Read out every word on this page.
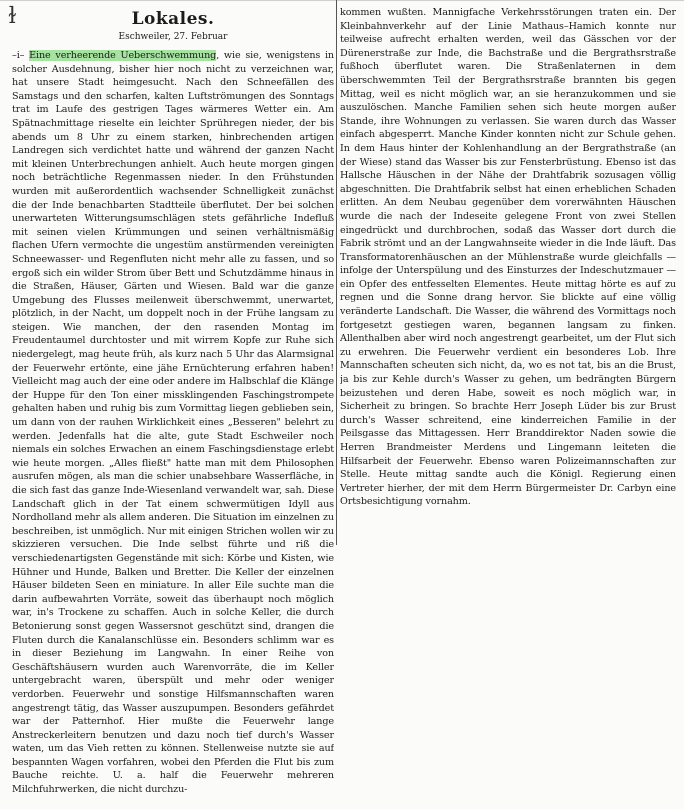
ɫ	Lokales.
Eschweiler, 27. Februar

–i– Eine verheerende Ueberschwemmung, wie sie, wenigstens in solcher Ausdehnung, bisher hier noch nicht zu verzeichnen war, hat unsere Stadt heimgesucht. Nach den Schneefällen des Samstags und den scharfen, kalten Luftströmungen des Sonntags trat im Laufe des gestrigen Tages wärmeres Wetter ein. Am Spätnachmittage rieselte ein leichter Sprühregen nieder, der bis abends um 8 Uhr zu einem starken, hinbrechenden artigen Landregen sich verdichtet hatte und während der ganzen Nacht mit kleinen Unterbrechungen anhielt. Auch heute morgen gingen noch beträchtliche Regenmassen nieder. In den Frühstunden wurden mit außerordentlich wachsender Schnelligkeit zunächst die der Inde benachbarten Stadtteile überflutet. Der bei solchen unerwarteten Witterungsumschlägen stets gefährliche Indefluß mit seinen vielen Krümmungen und seinen verhältnismäßig flachen Ufern vermochte die ungestüm anstürmenden vereinigten Schneewasser- und Regenfluten nicht mehr alle zu fassen, und so ergoß sich ein wilder Strom über Bett und Schutzdämme hinaus in die Straßen, Häuser, Gärten und Wiesen. Bald war die ganze Umgebung des Flusses meilenweit überschwemmt, unerwartet, plötzlich, in der Nacht, um doppelt noch in der Frühe langsam zu steigen. Wie manchen, der den rasenden Montag im Freudentaumel durchtoster und mit wirrem Kopfe zur Ruhe sich niedergelegt, mag heute früh, als kurz nach 5 Uhr das Alarmsignal der Feuerwehr ertönte, eine jähe Ernüchterung erfahren haben! Vielleicht mag auch der eine oder andere im Halbschlaf die Klänge der Huppe für den Ton einer missklingenden Faschingstrompete gehalten haben und ruhig bis zum Vormittag liegen geblieben sein, um dann von der rauhen Wirklichkeit eines „Besseren" belehrt zu werden. Jedenfalls hat die alte, gute Stadt Eschweiler noch niemals ein solches Erwachen an einem Faschingsdienstage erlebt wie heute morgen. „Alles fließt" hatte man mit dem Philosophen ausrufen mögen, als man die schier unabsehbare Wasserfläche, in die sich fast das ganze Inde-Wiesenland verwandelt war, sah. Diese Landschaft glich in der Tat einem schwermütigen Idyll aus Nordholland mehr als allem anderen. Die Situation im einzelnen zu beschreiben, ist unmöglich. Nur mit einigen Strichen wollen wir zu skizzieren versuchen. Die Inde selbst führte und riß die verschiedenartigsten Gegenstände mit sich: Körbe und Kisten, wie Hühner und Hunde, Balken und Bretter. Die Keller der einzelnen Häuser bildeten Seen en miniature. In aller Eile suchte man die darin aufbewahrten Vorräte, soweit das überhaupt noch möglich war, in's Trockene zu schaffen. Auch in solche Keller, die durch Betonierung sonst gegen Wassersnot geschützt sind, drangen die Fluten durch die Kanalanschlüsse ein. Besonders schlimm war es in dieser Beziehung im Langwahn. In einer Reihe von Geschäftshäusern wurden auch Warenvorräte, die im Keller untergebracht waren, überspült und mehr oder weniger verdorben. Feuerwehr und sonstige Hilfsmannschaften waren angestrengt tätig, das Wasser auszupumpen. Besonders gefährdet war der Patternhof. Hier mußte die Feuerwehr lange Anstreckerleitern benutzen und dazu noch tief durch's Wasser waten, um das Vieh retten zu können. Stellenweise nutzte sie auf bespannten Wagen vorfahren, wobei den Pferden die Flut bis zum Bauche reichte. U. a. half die Feuerwehr mehreren Milchfuhrwerken, die nicht durchzu-

kommen wußten. Mannigfache Verkehrsstörungen traten ein. Der Kleinbahnverkehr auf der Linie Mathaus–Hamich konnte nur teilweise aufrecht erhalten werden, weil das Gässchen vor der Dürenerstraße zur Inde, die Bachstraße und die Bergrathsrstraße fußhoch überflutet waren. Die Straßenlaternen in dem überschwemmten Teil der Bergrathsrstraße brannten bis gegen Mittag, weil es nicht möglich war, an sie heranzukommen und sie auszulöschen. Manche Familien sehen sich heute morgen außer Stande, ihre Wohnungen zu verlassen. Sie waren durch das Wasser einfach abgesperrt. Manche Kinder konnten nicht zur Schule gehen. In dem Haus hinter der Kohlenhandlung an der Bergrathstraße (an der Wiese) stand das Wasser bis zur Fensterbrüstung. Ebenso ist das Hallsche Häuschen in der Nähe der Drahtfabrik sozusagen völlig abgeschnitten. Die Drahtfabrik selbst hat einen erheblichen Schaden erlitten. An dem Neubau gegenüber dem vorerwähnten Häuschen wurde die nach der Indeseite gelegene Front von zwei Stellen eingedrückt und durchbrochen, sodaß das Wasser dort durch die Fabrik strömt und an der Langwahnseite wieder in die Inde läuft. Das Transformatorenhäuschen an der Mühlenstraße wurde gleichfalls — infolge der Unterspülung und des Einsturzes der Indeschutzmauer — ein Opfer des entfesselten Elementes. Heute mittag hörte es auf zu regnen und die Sonne drang hervor. Sie blickte auf eine völlig veränderte Landschaft. Die Wasser, die während des Vormittags noch fortgesetzt gestiegen waren, begannen langsam zu finken. Allenthalben aber wird noch angestrengt gearbeitet, um der Flut sich zu erwehren. Die Feuerwehr verdient ein besonderes Lob. Ihre Mannschaften scheuten sich nicht, da, wo es not tat, bis an die Brust, ja bis zur Kehle durch's Wasser zu gehen, um bedrängten Bürgern beizustehen und deren Habe, soweit es noch möglich war, in Sicherheit zu bringen. So brachte Herr Joseph Lüder bis zur Brust durch's Wasser schreitend, eine kinderreichen Familie in der Peilsgasse das Mittagessen. Herr Branddirektor Naden sowie die Herren Brandmeister Merdens und Lingemann leiteten die Hilfsarbeit der Feuerwehr. Ebenso waren Polizeimannschaften zur Stelle. Heute mittag sandte auch die Königl. Regierung einen Vertreter hierher, der mit dem Herrn Bürgermeister Dr. Carbyn eine Ortsbesichtigung vornahm.
